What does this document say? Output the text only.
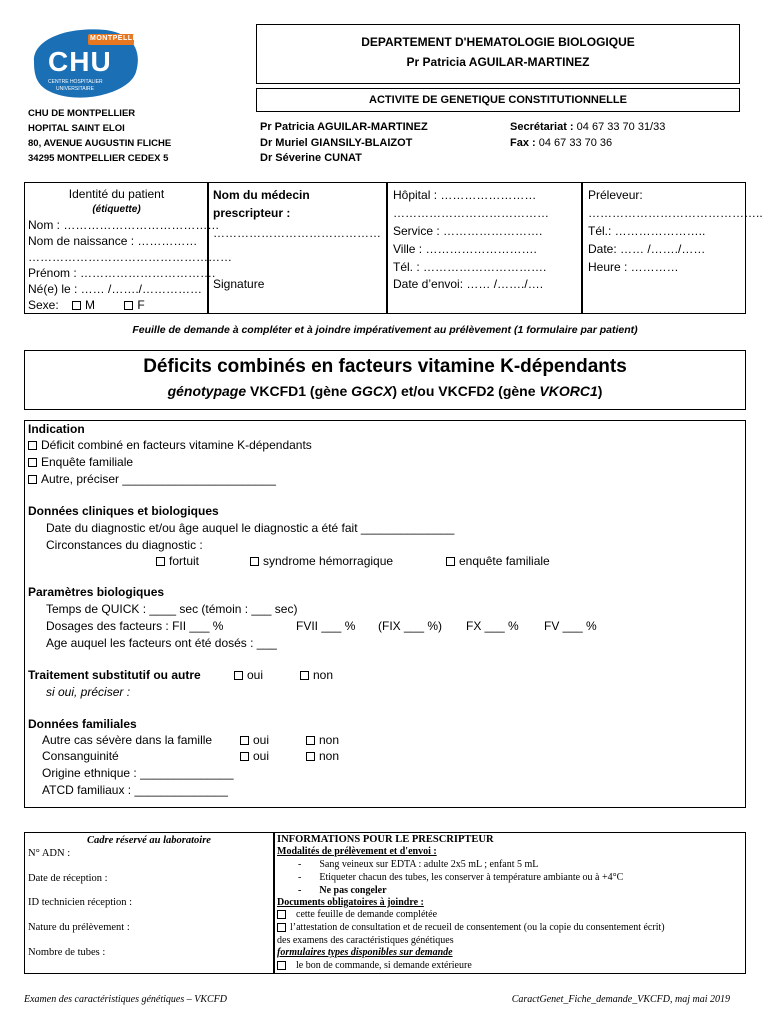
MONTPELLIER
CHU
CENTRE HOSPITALIER
UNIVERSITAIRE
DEPARTEMENT D'HEMATOLOGIE BIOLOGIQUE
Pr Patricia AGUILAR-MARTINEZ
ACTIVITE DE GENETIQUE CONSTITUTIONNELLE
Pr Patricia AGUILAR-MARTINEZ
Dr Muriel GIANSILY-BLAIZOT
Dr Séverine CUNAT
Secrétariat : 04 67 33 70 31/33
Fax : 04 67 33 70 36
CHU DE MONTPELLIER
HOPITAL SAINT ELOI
80, AVENUE AUGUSTIN FLICHE
34295 MONTPELLIER CEDEX 5
Identité du patient
(étiquette)
Nom : …………………………………
Nom de naissance : ……………
……………………………………………
Prénom : …………………………….
Né(e) le : …… /……./……………
Sexe: M	F
Nom du médecin
prescripteur :
……………………………………
Signature
Hôpital : ……………………
…………………………………
Service : …………………….
Ville : ……………………….
Tél. : ………………………….
Date d’envoi: …… /……./….
Préleveur:
……………………………………..
Tél.: …………………..
Date: …… /……./……
Heure : …………
Feuille de demande à compléter et à joindre impérativement au prélèvement (1 formulaire par patient)
Déficits combinés en facteurs vitamine K-dépendants
génotypage VKCFD1 (gène GGCX) et/ou VKCFD2 (gène VKORC1)
Indication
Déficit combiné en facteurs vitamine K-dépendants
Enquête familiale
Autre, préciser _______________________
Données cliniques et biologiques
Date du diagnostic et/ou âge auquel le diagnostic a été fait ______________
Circonstances du diagnostic :
fortuit	syndrome hémorragique	enquête familiale
Paramètres biologiques
Temps de QUICK : ____ sec (témoin : ___ sec)
Dosages des facteurs : FII ___ %	FVII ___ % (FIX ___ %) FX ___ % FV ___ %
Age auquel les facteurs ont été dosés : ___
Traitement substitutif ou autre	oui	non
si oui, préciser :
Données familiales
Autre cas sévère dans la famille	oui	non
Consanguinité	oui	non
Origine ethnique : ______________
ATCD familiaux : ______________
Cadre réservé au laboratoire
N° ADN :
Date de réception :
ID technicien réception :
Nature du prélèvement :
Nombre de tubes :
INFORMATIONS POUR LE PRESCRIPTEUR
Modalités de prélèvement et d'envoi :
- Sang veineux sur EDTA : adulte 2x5 mL ; enfant 5 mL
- Etiqueter chacun des tubes, les conserver à température ambiante ou à +4°C
- Ne pas congeler
Documents obligatoires à joindre :
cette feuille de demande complétée
l’attestation de consultation et de recueil de consentement (ou la copie du consentement écrit)
des examens des caractéristiques génétiques
formulaires types disponibles sur demande
le bon de commande, si demande extérieure
Examen des caractéristiques génétiques – VKCFD	CaractGenet_Fiche_demande_VKCFD, maj mai 2019
